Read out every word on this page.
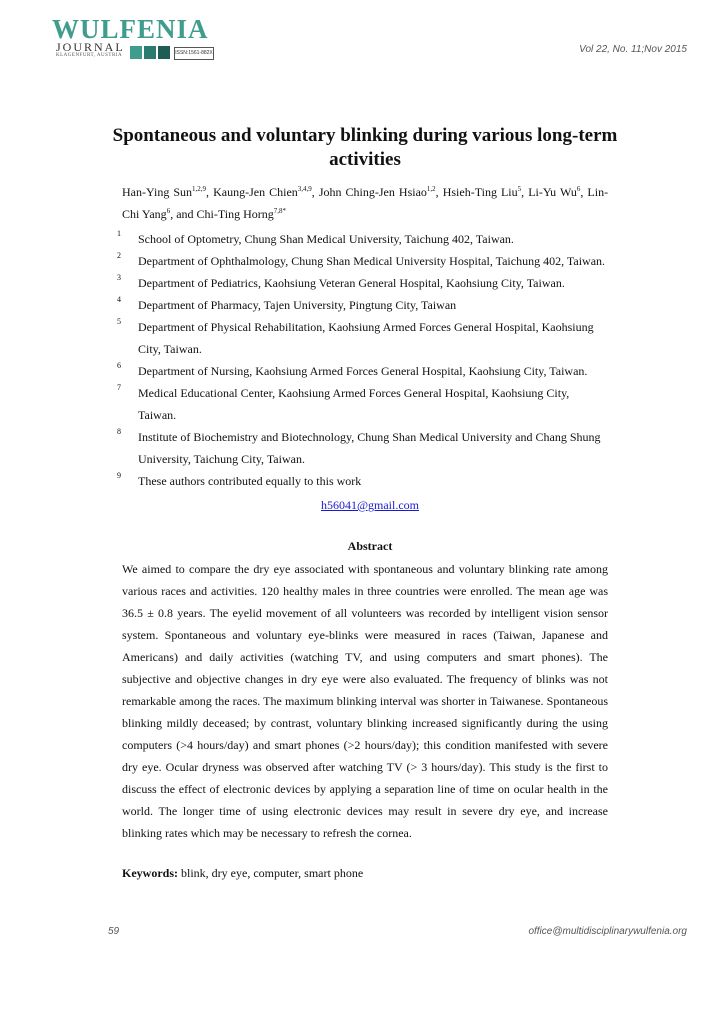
WULFENIA
JOURNAL
KLAGENFURT, AUSTRIA	ISSN:1561-882X	Vol 22, No. 11;Nov 2015
Spontaneous and voluntary blinking during various long-term activities
Han-Ying Sun$^{1,2,9}$, Kaung-Jen Chien$^{3,4,9}$, John Ching-Jen Hsiao$^{1,2}$, Hsieh-Ting Liu$^5$, Li-Yu Wu$^6$, Lin-Chi Yang$^6$, and Chi-Ting Horng$^{7,8*}$
1 School of Optometry, Chung Shan Medical University, Taichung 402, Taiwan.
2 Department of Ophthalmology, Chung Shan Medical University Hospital, Taichung 402, Taiwan.
3 Department of Pediatrics, Kaohsiung Veteran General Hospital, Kaohsiung City, Taiwan.
4 Department of Pharmacy, Tajen University, Pingtung City, Taiwan
5 Department of Physical Rehabilitation, Kaohsiung Armed Forces General Hospital, Kaohsiung City, Taiwan.
6 Department of Nursing, Kaohsiung Armed Forces General Hospital, Kaohsiung City, Taiwan.
7 Medical Educational Center, Kaohsiung Armed Forces General Hospital, Kaohsiung City, Taiwan.
8 Institute of Biochemistry and Biotechnology, Chung Shan Medical University and Chang Shung University, Taichung City, Taiwan.
9 These authors contributed equally to this work
h56041@gmail.com
Abstract
We aimed to compare the dry eye associated with spontaneous and voluntary blinking rate among various races and activities. 120 healthy males in three countries were enrolled. The mean age was 36.5 ± 0.8 years. The eyelid movement of all volunteers was recorded by intelligent vision sensor system. Spontaneous and voluntary eye-blinks were measured in races (Taiwan, Japanese and Americans) and daily activities (watching TV, and using computers and smart phones). The subjective and objective changes in dry eye were also evaluated. The frequency of blinks was not remarkable among the races. The maximum blinking interval was shorter in Taiwanese. Spontaneous blinking mildly deceased; by contrast, voluntary blinking increased significantly during the using computers (>4 hours/day) and smart phones (>2 hours/day); this condition manifested with severe dry eye. Ocular dryness was observed after watching TV (> 3 hours/day). This study is the first to discuss the effect of electronic devices by applying a separation line of time on ocular health in the world. The longer time of using electronic devices may result in severe dry eye, and increase blinking rates which may be necessary to refresh the cornea.
Keywords: blink, dry eye, computer, smart phone
59	office@multidisciplinarywulfenia.org
